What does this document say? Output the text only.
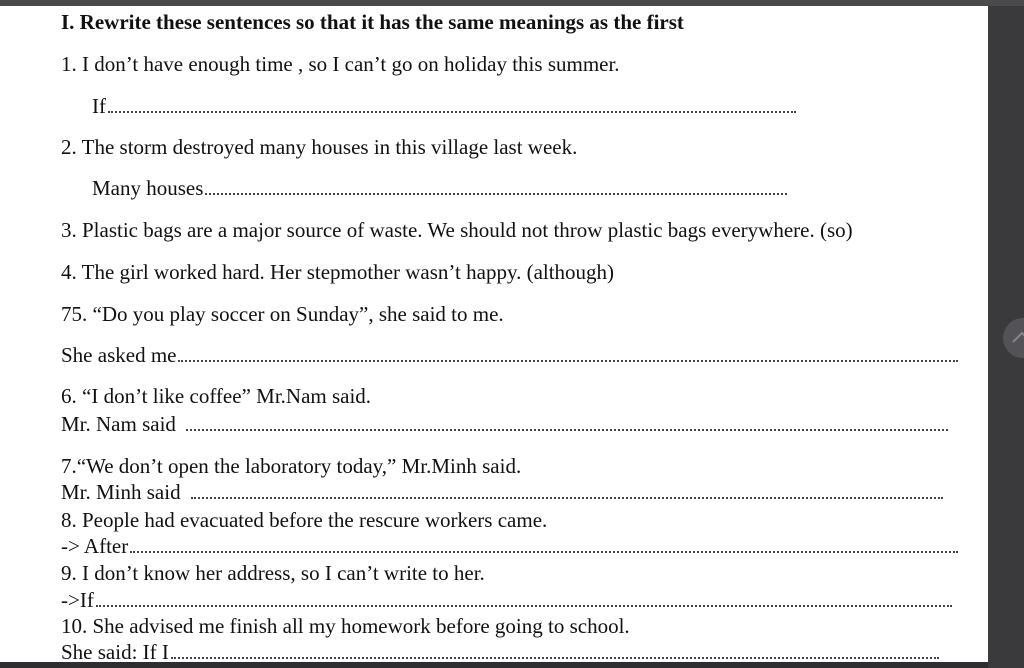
I. Rewrite these sentences so that it has the same meanings as the first
1. I don’t have enough time , so I can’t go on holiday this summer.
If
2. The storm destroyed many houses in this village last week.
Many houses
3. Plastic bags are a major source of waste. We should not throw plastic bags everywhere. (so)
4. The girl worked hard. Her stepmother wasn’t happy. (although)
75. “Do you play soccer on Sunday”, she said to me.
She asked me
6. “I don’t like coffee” Mr.Nam said.
Mr. Nam said
7.“We don’t open the laboratory today,” Mr.Minh said.
Mr. Minh said
8. People had evacuated before the rescure workers came.
-> After
9. I don’t know her address, so I can’t write to her.
->If
10. She advised me finish all my homework before going to school.
She said: If I
